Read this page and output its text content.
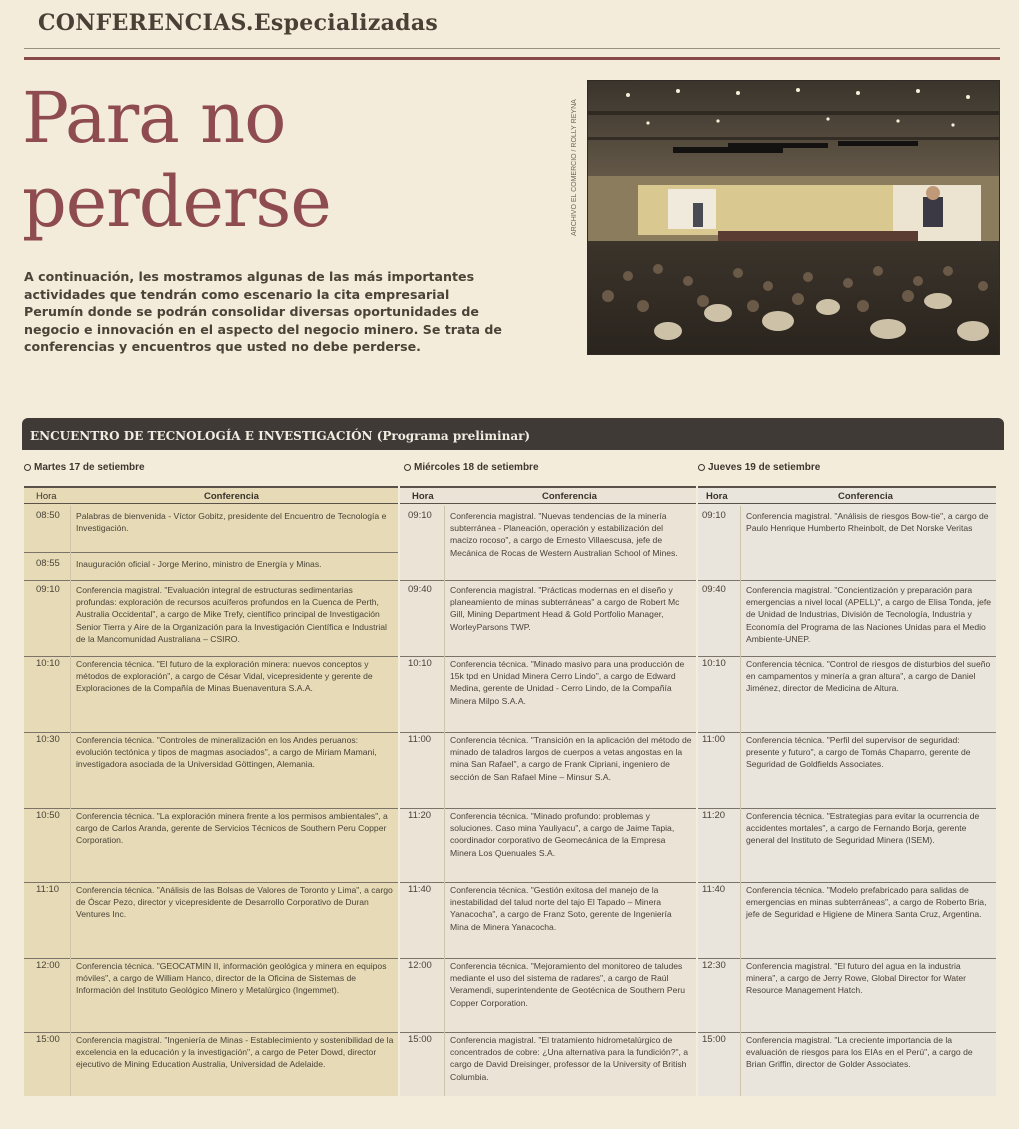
CONFERENCIAS.Especializadas
Para no
perderse
A continuación, les mostramos algunas de las más importantes actividades que tendrán como escenario la cita empresarial Perumín donde se podrán consolidar diversas oportunidades de negocio e innovación en el aspecto del negocio minero. Se trata de conferencias y encuentros que usted no debe perderse.
ARCHIVO EL COMERCIO / ROLLY REYNA
ENCUENTRO DE TECNOLOGÍA E INVESTIGACIÓN (Programa preliminar)
Martes 17 de setiembre	Miércoles 18 de setiembre	Jueves 19 de setiembre
Hora	Conferencia	Hora	Conferencia	Hora	Conferencia
08:50 Palabras de bienvenida - Víctor Gobitz, presidente del Encuentro de Tecnología e Investigación.
08:55 Inauguración oficial - Jorge Merino, ministro de Energía y Minas.
09:10 Conferencia magistral. "Evaluación integral de estructuras sedimentarias profundas: exploración de recursos acuíferos profundos en la Cuenca de Perth, Australia Occidental", a cargo de Mike Trefy, científico principal de Investigación Senior Tierra y Aire de la Organización para la Investigación Científica e Industrial de la Mancomunidad Australiana – CSIRO.
10:10 Conferencia técnica. "El futuro de la exploración minera: nuevos conceptos y métodos de exploración", a cargo de César Vidal, vicepresidente y gerente de Exploraciones de la Compañía de Minas Buenaventura S.A.A.
10:30 Conferencia técnica. "Controles de mineralización en los Andes peruanos: evolución tectónica y tipos de magmas asociados", a cargo de Miriam Mamani, investigadora asociada de la Universidad Göttingen, Alemania.
10:50 Conferencia técnica. "La exploración minera frente a los permisos ambientales", a cargo de Carlos Aranda, gerente de Servicios Técnicos de Southern Peru Copper Corporation.
11:10 Conferencia técnica. "Análisis de las Bolsas de Valores de Toronto y Lima", a cargo de Óscar Pezo, director y vicepresidente de Desarrollo Corporativo de Duran Ventures Inc.
12:00 Conferencia técnica. "GEOCATMIN II, información geológica y minera en equipos móviles", a cargo de William Hanco, director de la Oficina de Sistemas de Información del Instituto Geológico Minero y Metalúrgico (Ingemmet).
15:00 Conferencia magistral. "Ingeniería de Minas - Establecimiento y sostenibilidad de la excelencia en la educación y la investigación", a cargo de Peter Dowd, director ejecutivo de Mining Education Australia, Universidad de Adelaide.
09:10 Conferencia magistral. "Nuevas tendencias de la minería subterránea - Planeación, operación y estabilización del macizo rocoso", a cargo de Ernesto Villaescusa, jefe de Mecánica de Rocas de Western Australian School of Mines.
09:40 Conferencia magistral. "Prácticas modernas en el diseño y planeamiento de minas subterráneas" a cargo de Robert Mc Gill, Mining Department Head & Gold Portfolio Manager, WorleyParsons TWP.
10:10 Conferencia técnica. "Minado masivo para una producción de 15k tpd en Unidad Minera Cerro Lindo", a cargo de Edward Medina, gerente de Unidad - Cerro Lindo, de la Compañía Minera Milpo S.A.A.
11:00 Conferencia técnica. "Transición en la aplicación del método de minado de taladros largos de cuerpos a vetas angostas en la mina San Rafael", a cargo de Frank Cipriani, ingeniero de sección de San Rafael Mine – Minsur S.A.
11:20 Conferencia técnica. "Minado profundo: problemas y soluciones. Caso mina Yauliyacu", a cargo de Jaime Tapia, coordinador corporativo de Geomecánica de la Empresa Minera Los Quenuales S.A.
11:40 Conferencia técnica. "Gestión exitosa del manejo de la inestabilidad del talud norte del tajo El Tapado – Minera Yanacocha", a cargo de Franz Soto, gerente de Ingeniería Mina de Minera Yanacocha.
12:00 Conferencia técnica. "Mejoramiento del monitoreo de taludes mediante el uso del sistema de radares", a cargo de Raúl Veramendi, superintendente de Geotécnica de Southern Peru Copper Corporation.
15:00 Conferencia magistral. "El tratamiento hidrometalúrgico de concentrados de cobre: ¿Una alternativa para la fundición?", a cargo de David Dreisinger, professor de la University of British Columbia.
09:10 Conferencia magistral. "Análisis de riesgos Bow-tie", a cargo de Paulo Henrique Humberto Rheinbolt, de Det Norske Veritas
09:40 Conferencia magistral. "Concientización y preparación para emergencias a nivel local (APELL)", a cargo de Elisa Tonda, jefe de Unidad de Industrias, División de Tecnología, Industria y Economía del Programa de las Naciones Unidas para el Medio Ambiente-UNEP.
10:10 Conferencia técnica. "Control de riesgos de disturbios del sueño en campamentos y minería a gran altura", a cargo de Daniel Jiménez, director de Medicina de Altura.
11:00 Conferencia técnica. "Perfil del supervisor de seguridad: presente y futuro", a cargo de Tomás Chaparro, gerente de Seguridad de Goldfields Associates.
11:20 Conferencia técnica. "Estrategias para evitar la ocurrencia de accidentes mortales", a cargo de Fernando Borja, gerente general del Instituto de Seguridad Minera (ISEM).
11:40 Conferencia técnica. "Modelo prefabricado para salidas de emergencias en minas subterráneas", a cargo de Roberto Bria, jefe de Seguridad e Higiene de Minera Santa Cruz, Argentina.
12:30 Conferencia magistral. "El futuro del agua en la industria minera", a cargo de Jerry Rowe, Global Director for Water Resource Management Hatch.
15:00 Conferencia magistral. "La creciente importancia de la evaluación de riesgos para los EIAs en el Perú", a cargo de Brian Griffin, director de Golder Associates.
